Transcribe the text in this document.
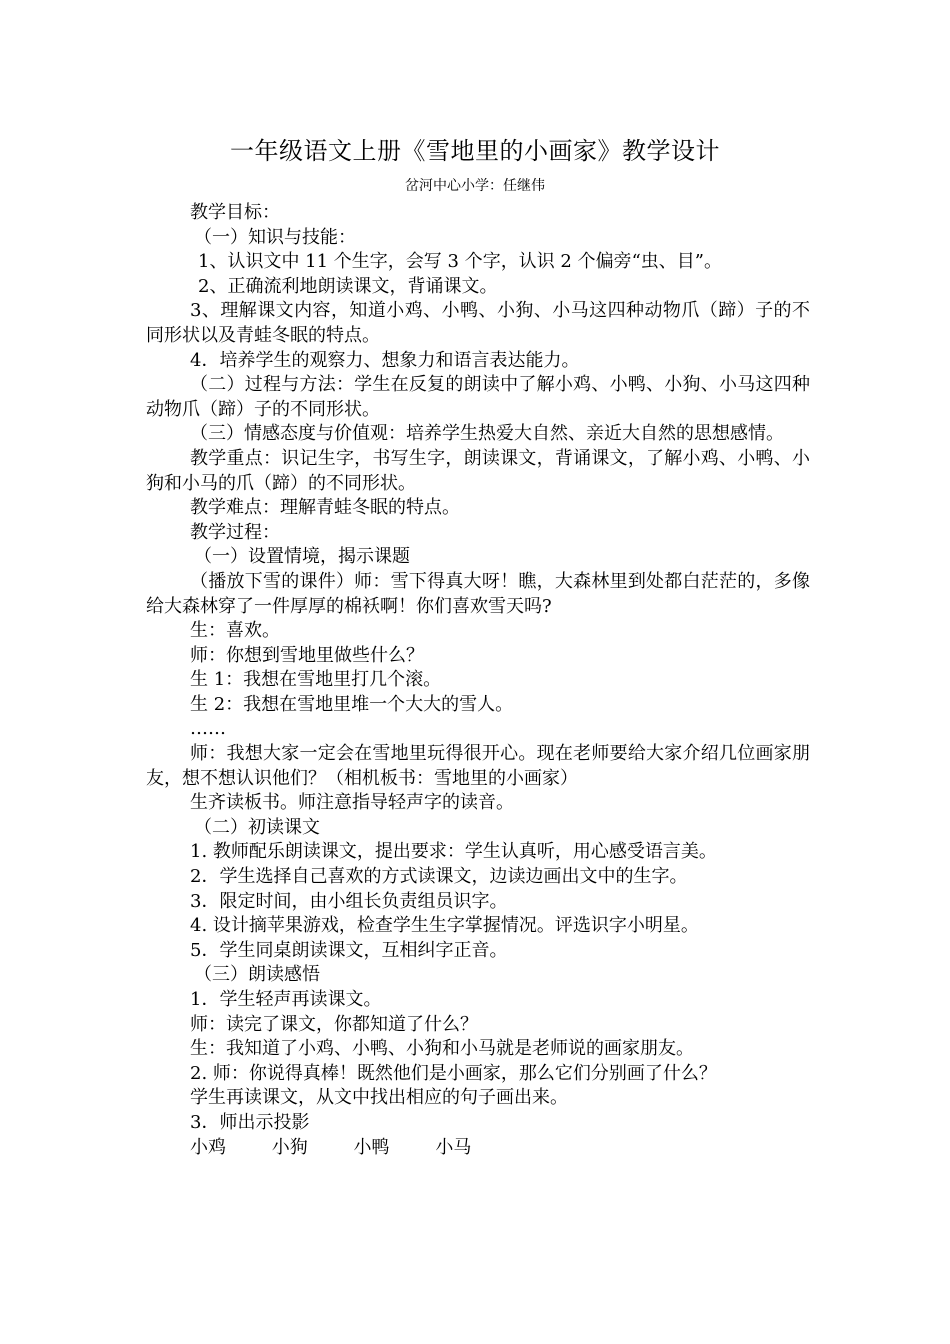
一年级语文上册《雪地里的小画家》教学设计
岔河中心小学：任继伟

教学目标：

（一）知识与技能：

1、认识文中 11 个生字，会写 3 个字，认识 2 个偏旁“虫、目”。

2、正确流利地朗读课文，背诵课文。

3、理解课文内容，知道小鸡、小鸭、小狗、小马这四种动物爪（蹄）子的不同形状以及青蛙冬眠的特点。

4．培养学生的观察力、想象力和语言表达能力。

（二）过程与方法：学生在反复的朗读中了解小鸡、小鸭、小狗、小马这四种动物爪（蹄）子的不同形状。

（三）情感态度与价值观：培养学生热爱大自然、亲近大自然的思想感情。

教学重点：识记生字，书写生字，朗读课文，背诵课文，了解小鸡、小鸭、小狗和小马的爪（蹄）的不同形状。

教学难点：理解青蛙冬眠的特点。

教学过程：

（一）设置情境，揭示课题

（播放下雪的课件）师：雪下得真大呀！瞧，大森林里到处都白茫茫的，多像给大森林穿了一件厚厚的棉袄啊！你们喜欢雪天吗?

生：喜欢。

师：你想到雪地里做些什么？

生 1：我想在雪地里打几个滚。

生 2：我想在雪地里堆一个大大的雪人。

……

师：我想大家一定会在雪地里玩得很开心。现在老师要给大家介绍几位画家朋友，想不想认识他们？（相机板书：雪地里的小画家）

生齐读板书。师注意指导轻声字的读音。

（二）初读课文

1. 教师配乐朗读课文，提出要求：学生认真听，用心感受语言美。

2．学生选择自己喜欢的方式读课文，边读边画出文中的生字。

3．限定时间，由小组长负责组员识字。

4. 设计摘苹果游戏，检查学生生字掌握情况。评选识字小明星。

5．学生同桌朗读课文，互相纠字正音。

（三）朗读感悟

1．学生轻声再读课文。

师：读完了课文，你都知道了什么？

生：我知道了小鸡、小鸭、小狗和小马就是老师说的画家朋友。

2. 师：你说得真棒！既然他们是小画家，那么它们分别画了什么？

学生再读课文，从文中找出相应的句子画出来。

3．师出示投影

小鸡        小狗        小鸭        小马
